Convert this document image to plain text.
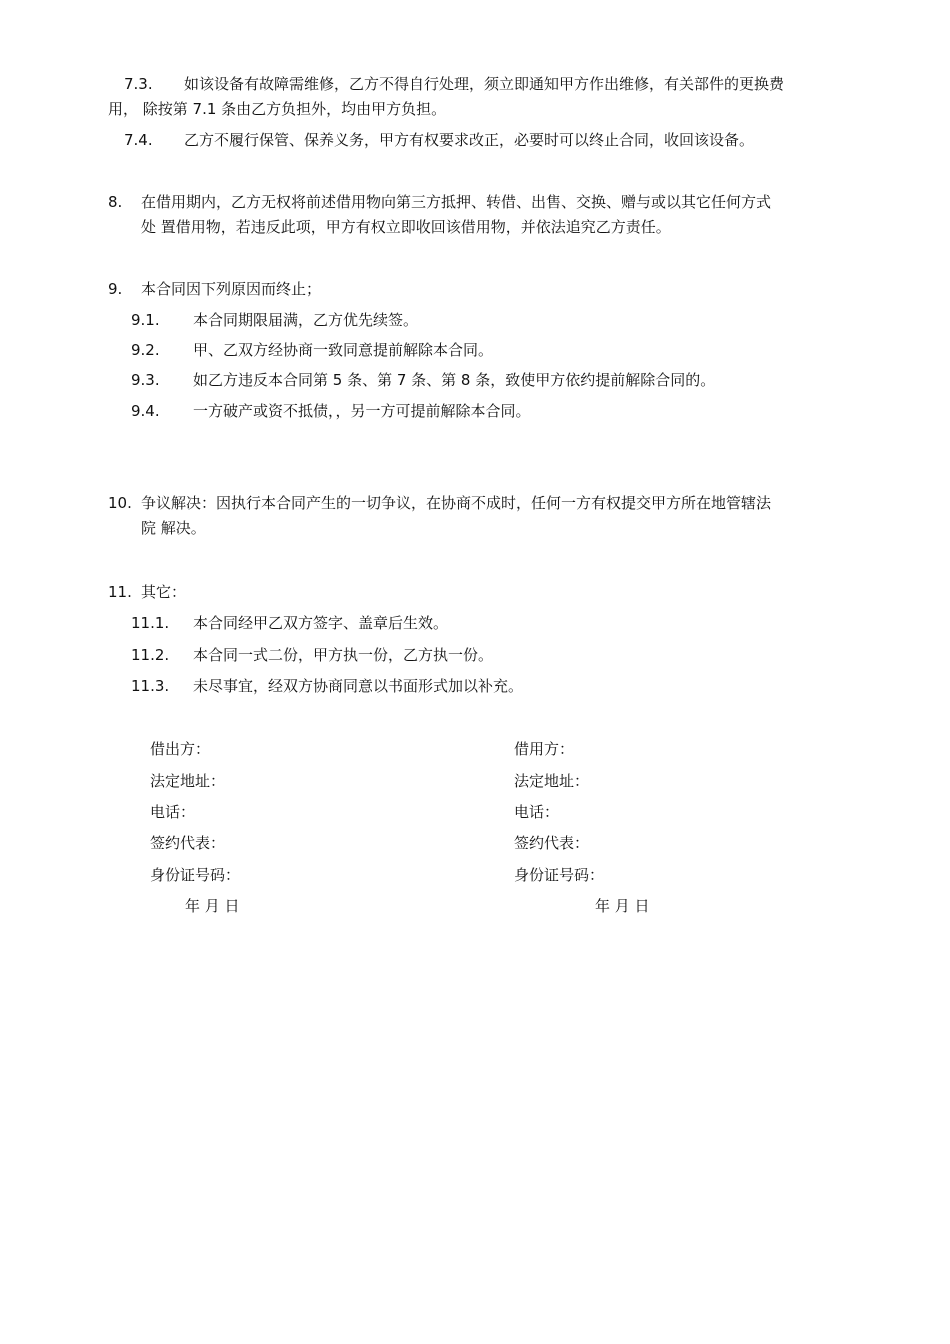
7.3. 如该设备有故障需维修，乙方不得自行处理，须立即通知甲方作出维修，有关部件的更换费
用， 除按第 7.1 条由乙方负担外，均由甲方负担。
7.4. 乙方不履行保管、保养义务，甲方有权要求改正，必要时可以终止合同，收回该设备。
8. 在借用期内，乙方无权将前述借用物向第三方抵押、转借、出售、交换、赠与或以其它任何方式
处 置借用物，若违反此项，甲方有权立即收回该借用物，并依法追究乙方责任。
9. 本合同因下列原因而终止；
9.1. 本合同期限届满，乙方优先续签。
9.2. 甲、乙双方经协商一致同意提前解除本合同。
9.3. 如乙方违反本合同第 5 条、第 7 条、第 8 条，致使甲方依约提前解除合同的。
9.4. 一方破产或资不抵债，，另一方可提前解除本合同。
10. 争议解决：因执行本合同产生的一切争议，在协商不成时，任何一方有权提交甲方所在地管辖法
院 解决。
11. 其它：
11.1. 本合同经甲乙双方签字、盖章后生效。
11.2. 本合同一式二份，甲方执一份，乙方执一份。
11.3. 未尽事宜，经双方协商同意以书面形式加以补充。
借出方：
法定地址：
电话：
签约代表：
身份证号码：
年 月 日
借用方：
法定地址：
电话：
签约代表：
身份证号码：
年 月 日
